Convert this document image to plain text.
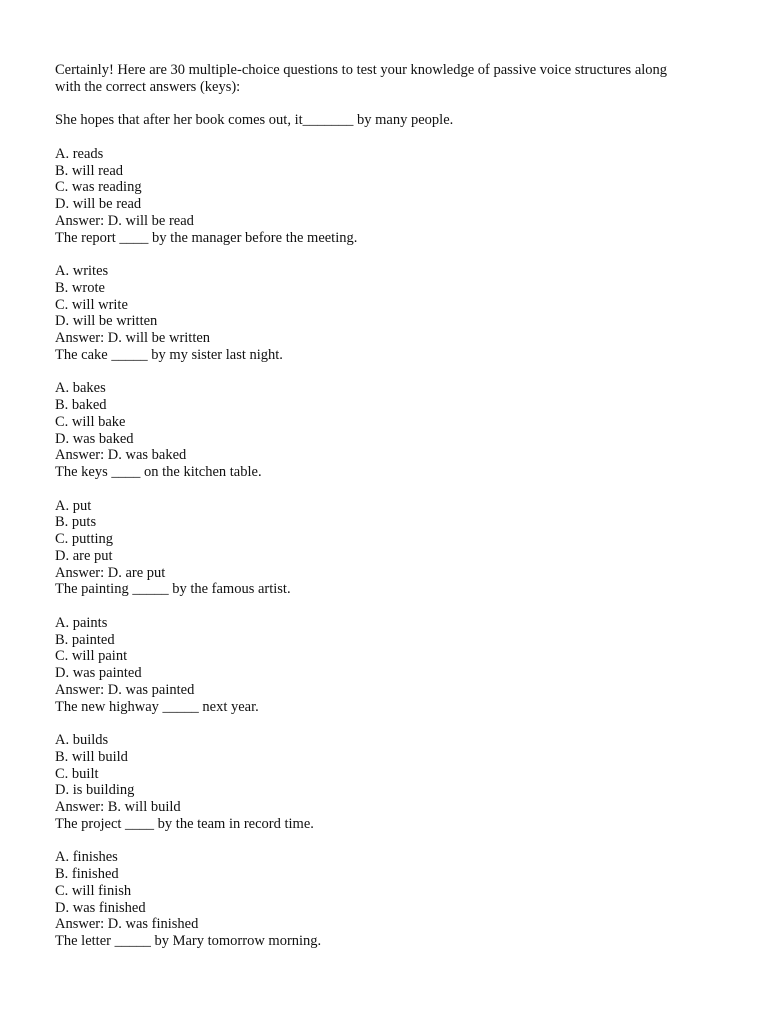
Certainly! Here are 30 multiple-choice questions to test your knowledge of passive voice structures along
with the correct answers (keys):
She hopes that after her book comes out, it_______ by many people.
A. reads
B. will read
C. was reading
D. will be read
Answer: D. will be read
The report ____ by the manager before the meeting.
A. writes
B. wrote
C. will write
D. will be written
Answer: D. will be written
The cake _____ by my sister last night.
A. bakes
B. baked
C. will bake
D. was baked
Answer: D. was baked
The keys ____ on the kitchen table.
A. put
B. puts
C. putting
D. are put
Answer: D. are put
The painting _____ by the famous artist.
A. paints
B. painted
C. will paint
D. was painted
Answer: D. was painted
The new highway _____ next year.
A. builds
B. will build
C. built
D. is building
Answer: B. will build
The project ____ by the team in record time.
A. finishes
B. finished
C. will finish
D. was finished
Answer: D. was finished
The letter _____ by Mary tomorrow morning.
